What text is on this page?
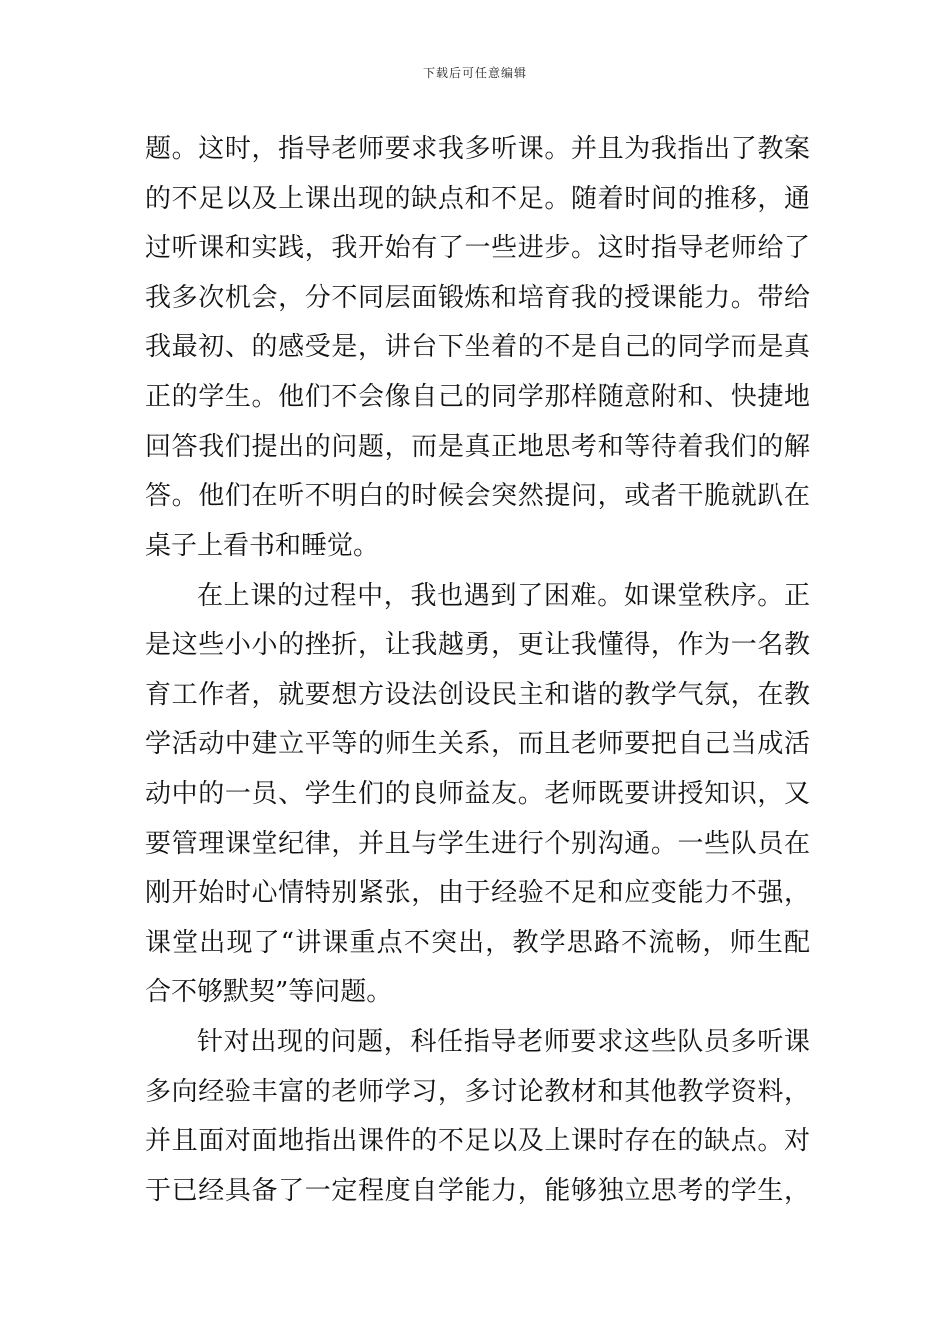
下载后可任意编辑
题。这时，指导老师要求我多听课。并且为我指出了教案
的不足以及上课出现的缺点和不足。随着时间的推移，通
过听课和实践，我开始有了一些进步。这时指导老师给了
我多次机会，分不同层面锻炼和培育我的授课能力。带给
我最初、的感受是，讲台下坐着的不是自己的同学而是真
正的学生。他们不会像自己的同学那样随意附和、快捷地
回答我们提出的问题，而是真正地思考和等待着我们的解
答。他们在听不明白的时候会突然提问，或者干脆就趴在
桌子上看书和睡觉。
在上课的过程中，我也遇到了困难。如课堂秩序。正
是这些小小的挫折，让我越勇，更让我懂得，作为一名教
育工作者，就要想方设法创设民主和谐的教学气氛，在教
学活动中建立平等的师生关系，而且老师要把自己当成活
动中的一员、学生们的良师益友。老师既要讲授知识，又
要管理课堂纪律，并且与学生进行个别沟通。一些队员在
刚开始时心情特别紧张，由于经验不足和应变能力不强，
课堂出现了“讲课重点不突出，教学思路不流畅，师生配
合不够默契”等问题。
针对出现的问题，科任指导老师要求这些队员多听课
多向经验丰富的老师学习，多讨论教材和其他教学资料，
并且面对面地指出课件的不足以及上课时存在的缺点。对
于已经具备了一定程度自学能力，能够独立思考的学生，
